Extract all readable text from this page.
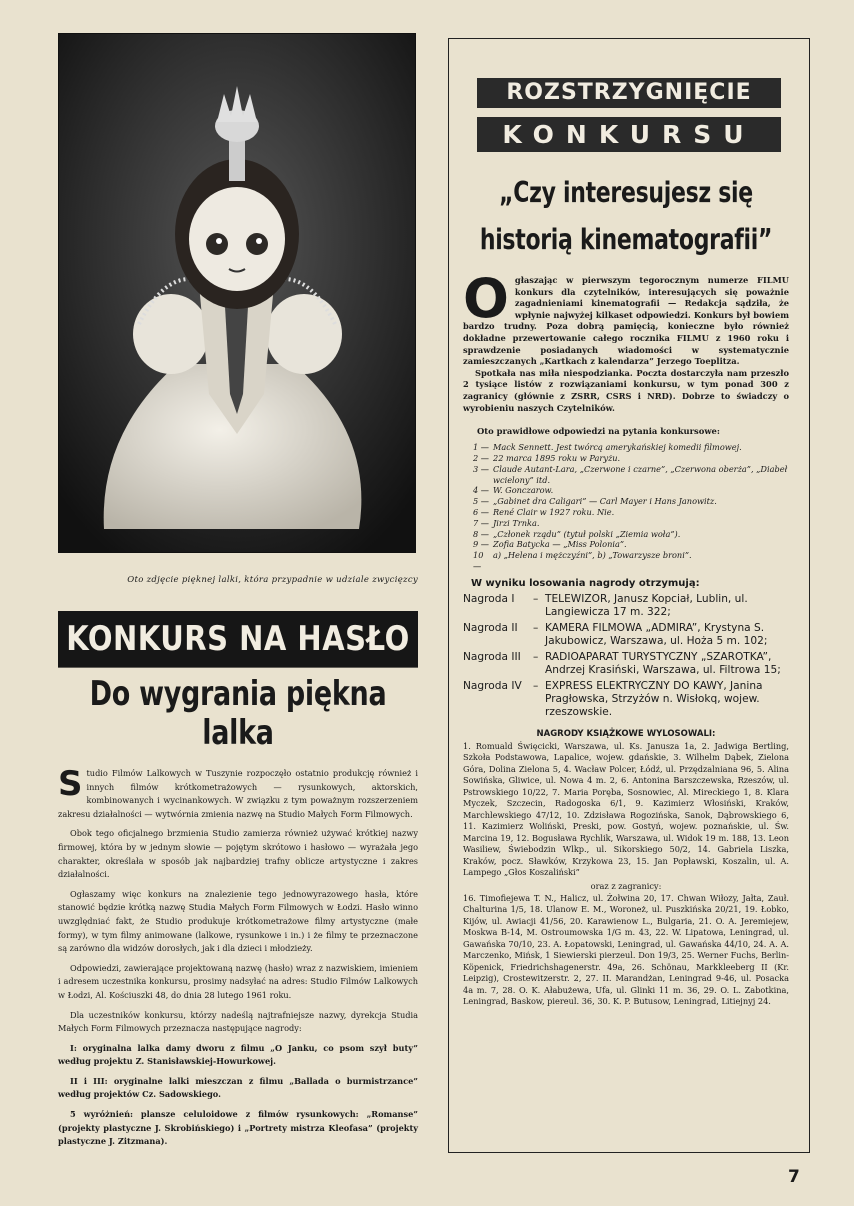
Oto zdjęcie pięknej lalki, która przypadnie w udziale zwycięzcy
KONKURS NA HASŁO
Do wygrania piękna lalka

Studio Filmów Lalkowych w Tuszynie rozpoczęło ostatnio produkcję również i innych filmów krótkometrażowych — rysunkowych, aktorskich, kombinowanych i wycinankowych. W związku z tym poważnym rozszerzeniem zakresu działalności — wytwórnia zmienia nazwę na Studio Małych Form Filmowych.

Obok tego oficjalnego brzmienia Studio zamierza również używać krótkiej nazwy firmowej, która by w jednym słowie — pojętym skrótowo i hasłowo — wyrażała jego charakter, określała w sposób jak najbardziej trafny oblicze artystyczne i zakres działalności.

Ogłaszamy więc konkurs na znalezienie tego jednowyrazowego hasła, które stanowić będzie krótką nazwę Studia Małych Form Filmowych w Łodzi. Hasło winno uwzględniać fakt, że Studio produkuje krótkometrażowe filmy artystyczne (małe formy), w tym filmy animowane (lalkowe, rysunkowe i in.) i że filmy te przeznaczone są zarówno dla widzów dorosłych, jak i dla dzieci i młodzieży.

Odpowiedzi, zawierające projektowaną nazwę (hasło) wraz z nazwiskiem, imieniem i adresem uczestnika konkursu, prosimy nadsyłać na adres: Studio Filmów Lalkowych w Łodzi, Al. Kościuszki 48, do dnia 28 lutego 1961 roku.

Dla uczestników konkursu, którzy nadeślą najtrafniejsze nazwy, dyrekcja Studia Małych Form Filmowych przeznacza następujące nagrody:

I: oryginalna lalka damy dworu z filmu „O Janku, co psom szył buty” według projektu Z. Stanisławskiej-Howurkowej.

II i III: oryginalne lalki mieszczan z filmu „Ballada o burmistrzance” według projektów Cz. Sadowskiego.

5 wyróżnień: plansze celuloidowe z filmów rysunkowych: „Romanse” (projekty plastyczne J. Skrobińskiego) i „Portrety mistrza Kleofasa” (projekty plastyczne J. Zitzmana).

ROZSTRZYGNIĘCIE
KONKURSU
„Czy interesujesz się
historią kinematografii”

Ogłaszając w pierwszym tegorocznym numerze FILMU konkurs dla czytelników, interesujących się poważnie zagadnieniami kinematografii — Redakcja sądziła, że wpłynie najwyżej kilkaset odpowiedzi. Konkurs był bowiem bardzo trudny. Poza dobrą pamięcią, konieczne było również dokładne przewertowanie całego rocznika FILMU z 1960 roku i sprawdzenie posiadanych wiadomości w systematycznie zamieszczanych „Kartkach z kalendarza” Jerzego Toeplitza.

Spotkała nas miła niespodzianka. Poczta dostarczyła nam przeszło 2 tysiące listów z rozwiązaniami konkursu, w tym ponad 300 z zagranicy (głównie z ZSRR, CSRS i NRD). Dobrze to świadczy o wyrobieniu naszych Czytelników.

Oto prawidłowe odpowiedzi na pytania konkursowe:
1 — Mack Sennett. Jest twórcą amerykańskiej komedii filmowej.
2 — 22 marca 1895 roku w Paryżu.
3 — Claude Autant-Lara, „Czerwone i czarne”, „Czerwona oberża”, „Diabeł wcielony” itd.
4 — W. Gonczarow.
5 — „Gabinet dra Caligari” — Carl Mayer i Hans Janowitz.
6 — René Clair w 1927 roku. Nie.
7 — Jirzi Trnka.
8 — „Członek rządu” (tytuł polski „Ziemia woła”).
9 — Zofia Batycka — „Miss Polonia”.
10 —
a) „Helena i mężczyźni”, b) „Towarzysze broni”.
W wyniku losowania nagrody otrzymują:
Nagroda I	– TELEWIZOR, Janusz Kopciał, Lublin, ul. Langiewicza 17 m. 322;
Nagroda II	– KAMERA FILMOWA „ADMIRA”, Krystyna S. Jakubowicz, Warszawa, ul. Hoża 5 m. 102;
Nagroda III	– RADIOAPARAT TURYSTYCZNY „SZAROTKA”, Andrzej Krasiński, Warszawa, ul. Filtrowa 15;
Nagroda IV	– EXPRESS ELEKTRYCZNY DO KAWY, Janina Pragłowska, Strzyżów n. Wisłokq, wojew. rzeszowskie.
NAGRODY KSIĄŻKOWE WYLOSOWALI:
1. Romuald Święcicki, Warszawa, ul. Ks. Janusza 1a, 2. Jadwiga Bertling, Szkoła Podstawowa, Lapalice, wojew. gdańskie, 3. Wilhelm Dąbek, Zielona Góra, Dolina Zielona 5, 4. Wacław Polcer, Łódź, ul. Przędzalniana 96, 5. Alina Sowińska, Gliwice, ul. Nowa 4 m. 2, 6. Antonina Barszczewska, Rzeszów, ul. Pstrowskiego 10/22, 7. Maria Poręba, Sosnowiec, Al. Mireckiego 1, 8. Klara Myczek, Szczecin, Radogoska 6/1, 9. Kazimierz Włosiński, Kraków, Marchlewskiego 47/12, 10. Zdzisława Rogozińska, Sanok, Dąbrowskiego 6, 11. Kazimierz Woliński, Preski, pow. Gostyń, wojew. poznańskie, ul. Św. Marcina 19, 12. Bogusława Rychlik, Warszawa, ul. Widok 19 m. 188, 13. Leon Wasiliew, Świebodzin Wlkp., ul. Sikorskiego 50/2, 14. Gabriela Liszka, Kraków, pocz. Sławków, Krzykowa 23, 15. Jan Popławski, Koszalin, ul. A. Lampego „Głos Koszaliński”
oraz z zagranicy:
16. Timofiejewa T. N., Halicz, ul. Żołwina 20, 17. Chwan Wiłozy, Jałta, Zauł. Chalturina 1/5, 18. Ulanow E. M., Woroneż, ul. Puszkińska 20/21, 19. Łobko, Kijów, ul. Awiacji 41/56, 20. Karawienow L., Bulgaria, 21. O. A. Jeremiejew, Moskwa B-14, M. Ostroumowska 1/G m. 43, 22. W. Lipatowa, Leningrad, ul. Gawańska 70/10, 23. A. Łopatowski, Leningrad, ul. Gawańska 44/10, 24. A. A. Marczenko, Mińsk, 1 Siewierski pierzeul. Don 19/3, 25. Werner Fuchs, Berlin-Köpenick, Friedrichshagenerstr. 49a, 26. Schönau, Markkleeberg II (Kr. Leipzig), Crostewitzerstr. 2, 27. II. Marandżan, Leningrad 9-46, ul. Posacka 4a m. 7, 28. O. K. Ałabużewa, Ufa, ul. Glinki 11 m. 36, 29. O. L. Zabotkina, Leningrad, Baskow, piereul. 36, 30. K. P. Butusow, Leningrad, Litiejnyj 24.
7
